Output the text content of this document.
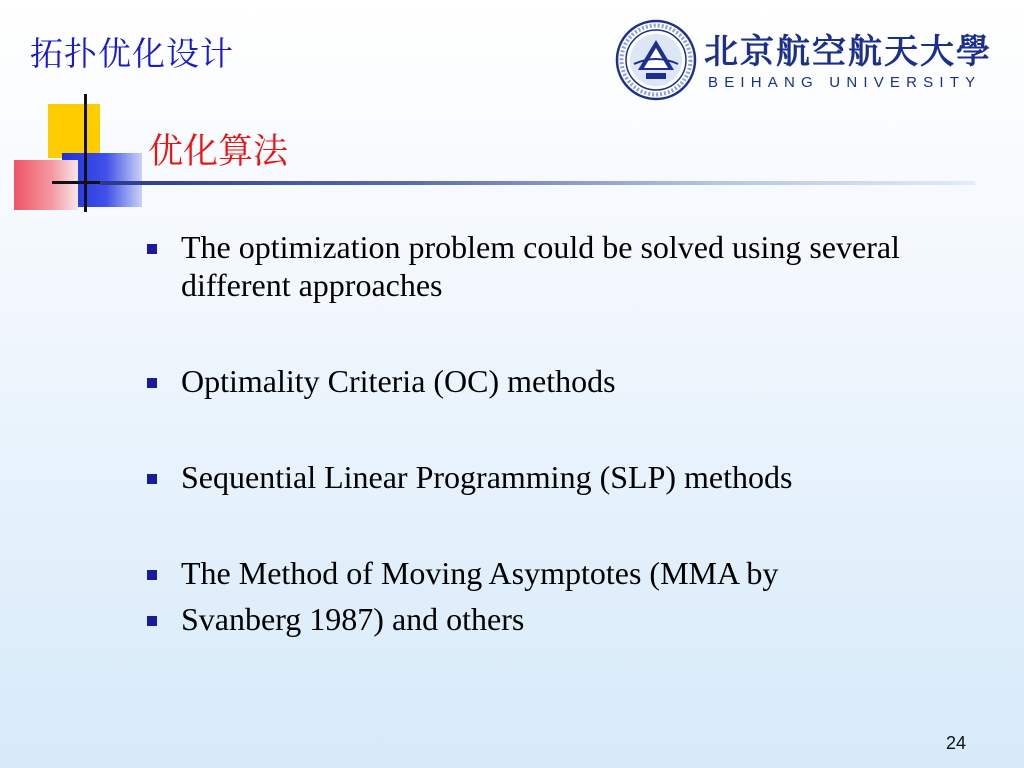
拓扑优化设计	北京航空航天大學
BEIHANG UNIVERSITY
优化算法
The optimization problem could be solved using several different approaches
Optimality Criteria (OC) methods
Sequential Linear Programming (SLP) methods
The Method of Moving Asymptotes (MMA by
Svanberg 1987) and others
24
